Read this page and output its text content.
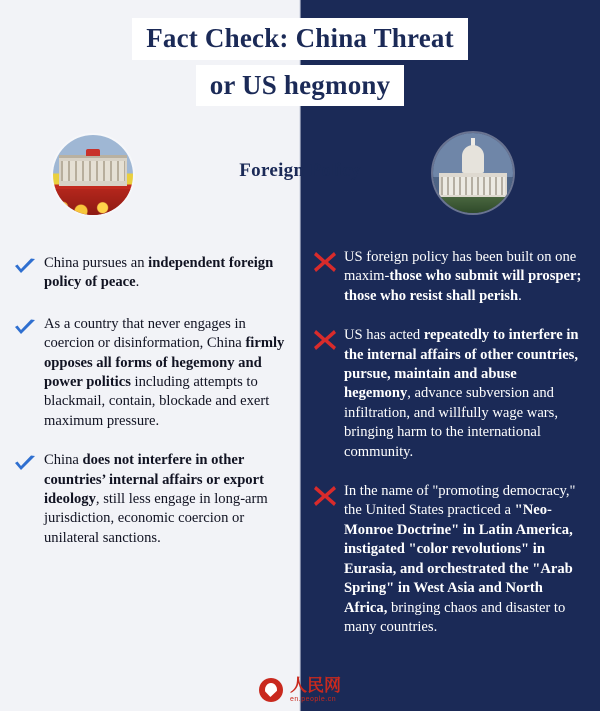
Fact Check: China Threat
or US hegmony
Foreign Policy
China pursues an independent foreign policy of peace.
As a country that never engages in coercion or disinformation, China firmly opposes all forms of hegemony and power politics including attempts to blackmail, contain, blockade and exert maximum pressure.
China does not interfere in other countries’ internal affairs or export ideology, still less engage in long-arm jurisdiction, economic coercion or unilateral sanctions.
US foreign policy has been built on one maxim-those who submit will prosper; those who resist shall perish.
US has acted repeatedly to interfere in the internal affairs of other countries, pursue, maintain and abuse hegemony, advance subversion and infiltration, and willfully wage wars, bringing harm to the international community.
In the name of "promoting democracy," the United States practiced a "Neo-Monroe Doctrine" in Latin America, instigated "color revolutions" in Eurasia, and orchestrated the "Arab Spring" in West Asia and North Africa, bringing chaos and disaster to many countries.
人民网
en.people.cn
